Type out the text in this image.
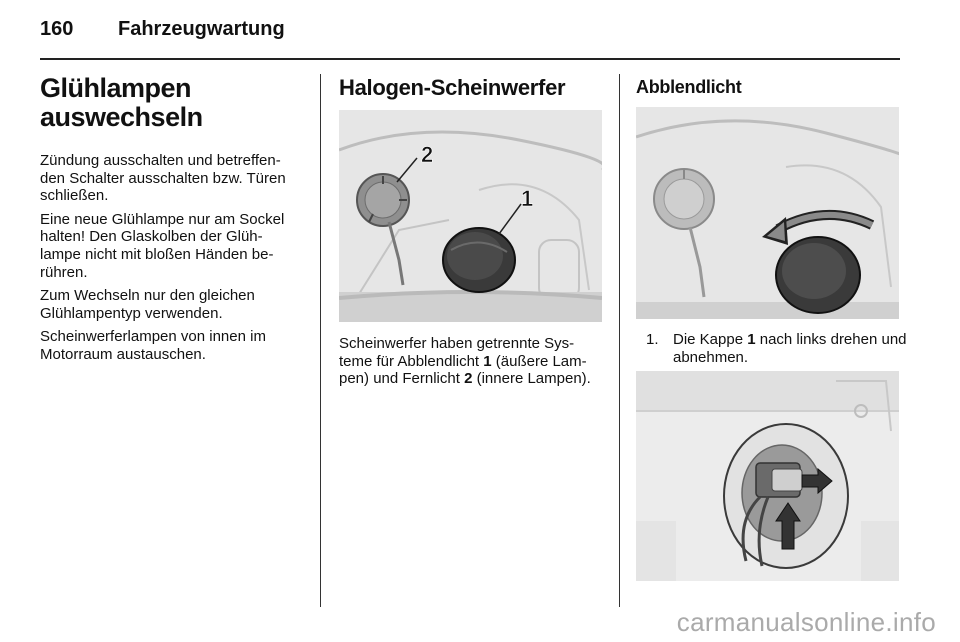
160 Fahrzeugwartung
Glühlampen
auswechseln

Zündung ausschalten und betreffen-den Schalter ausschalten bzw. Türen schließen.

Eine neue Glühlampe nur am Sockel halten! Den Glaskolben der Glüh-lampe nicht mit bloßen Händen be-rühren.

Zum Wechseln nur den gleichen Glühlampentyp verwenden.

Scheinwerferlampen von innen im Motorraum austauschen.

Halogen-Scheinwerfer
2
1

Scheinwerfer haben getrennte Sys-teme für Abblendlicht 1 (äußere Lam-pen) und Fernlicht 2 (innere Lampen).

Abblendlicht
1. Die Kappe 1 nach links drehen und abnehmen.
carmanualsonline.info
